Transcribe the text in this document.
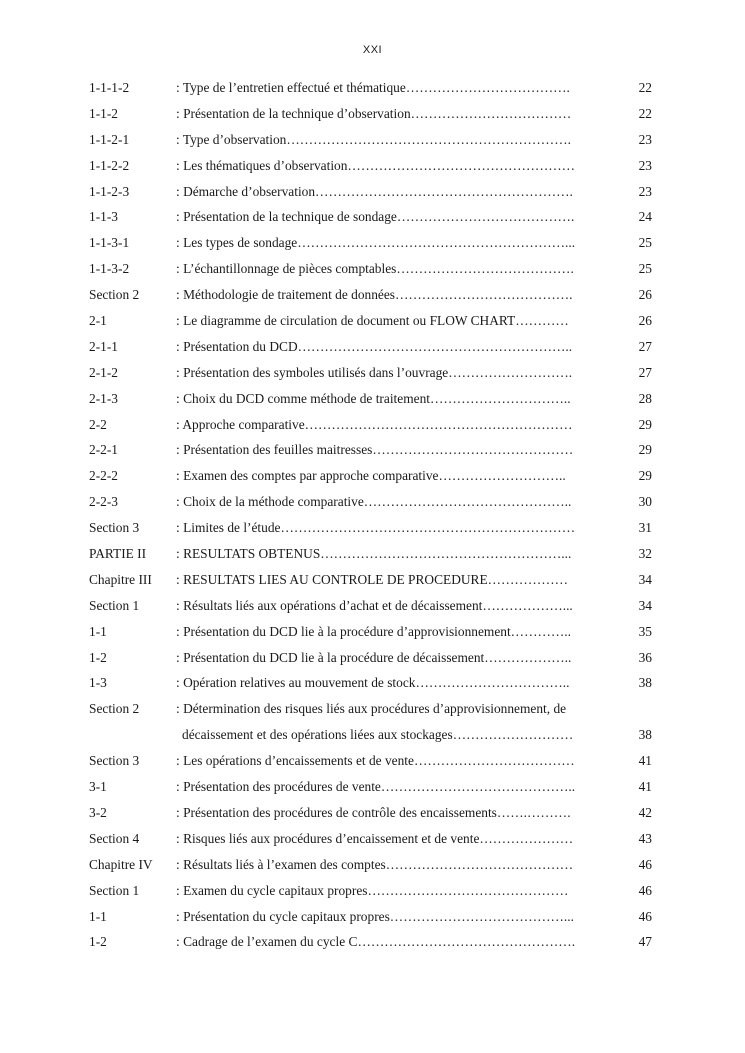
XXI
1-1-1-2	: Type de l’entretien effectué et thématique……………………………….	22
1-1-2	: Présentation de la technique d’observation………………………………	22
1-1-2-1	: Type d’observation……………………………………………………….	23
1-1-2-2	: Les thématiques d’observation……………………………………………	23
1-1-2-3	: Démarche d’observation………………………………………………….	23
1-1-3	: Présentation de la technique de sondage………………………………….	24
1-1-3-1	: Les types de sondage……………………………………………………...	25
1-1-3-2	: L’échantillonnage de pièces comptables………………………………….	25
Section 2	: Méthodologie de traitement de données………………………………….	26
2-1	: Le diagramme de circulation de document ou FLOW CHART…………	26
2-1-1	: Présentation du DCD……………………………………………………..	27
2-1-2	: Présentation des symboles utilisés dans l’ouvrage……………………….	27
2-1-3	: Choix du DCD comme méthode de traitement…………………………..	28
2-2	: Approche comparative……………………………………………………	29
2-2-1	: Présentation des feuilles maitresses………………………………………	29
2-2-2	: Examen des comptes par approche comparative………………………..	29
2-2-3	: Choix de la méthode comparative………………………………………..	30
Section 3	: Limites de l’étude…………………………………………………………	31
PARTIE II : RESULTATS OBTENUS………………………………………………...	32
Chapitre III : RESULTATS LIES AU CONTROLE DE PROCEDURE………………	34
Section 1	: Résultats liés aux opérations d’achat et de décaissement………………...	34
1-1	: Présentation du DCD lie à la procédure d’approvisionnement…………..	35
1-2	: Présentation du DCD lie à la procédure de décaissement………………..	36
1-3	: Opération relatives au mouvement de stock……………………………..	38
Section 2	: Détermination des risques liés aux procédures d’approvisionnement, de
décaissement et des opérations liées aux stockages………………………	38
Section 3	: Les opérations d’encaissements et de vente………………………………	41
3-1	: Présentation des procédures de vente……………………………………..	41
3-2	: Présentation des procédures de contrôle des encaissements…….……….	42
Section 4	: Risques liés aux procédures d’encaissement et de vente…………………	43
Chapitre IV : Résultats liés à l’examen des comptes……………………………………	46
Section 1	: Examen du cycle capitaux propres………………………………………	46
1-1	: Présentation du cycle capitaux propres…………………………………...	46
1-2	: Cadrage de l’examen du cycle C………………………………………….	47
